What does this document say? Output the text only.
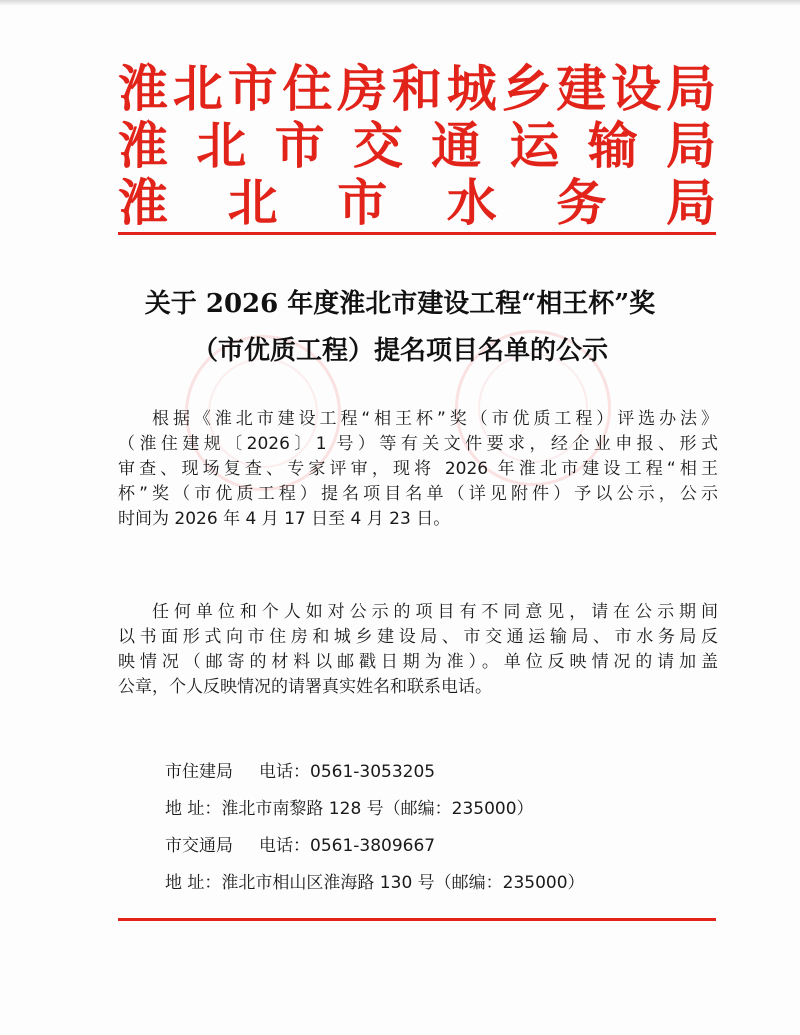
淮 北 市 住 房 和 城 乡 建 设 局
淮 北 市 交 通 运 输 局
淮 北 市 水 务 局
关于 2026 年度淮北市建设工程“相王杯”奖
（市优质工程）提名项目名单的公示
根据《淮北市建设工程“相王杯”奖（市优质工程）评选办法》
（淮住建规〔2026〕1 号）等有关文件要求，经企业申报、形式
审查、现场复查、专家评审，现将 2026 年淮北市建设工程“相王
杯”奖（市优质工程）提名项目名单（详见附件）予以公示，公示
时间为 2026 年 4 月 17 日至 4 月 23 日。
任何单位和个人如对公示的项目有不同意见，请在公示期间
以书面形式向市住房和城乡建设局、市交通运输局、市水务局反
映情况（邮寄的材料以邮戳日期为准）。单位反映情况的请加盖
公章，个人反映情况的请署真实姓名和联系电话。
市住建局 电话：0561-3053205
地 址：淮北市南黎路 128 号（邮编：235000）
市交通局 电话：0561-3809667
地 址：淮北市相山区淮海路 130 号（邮编：235000）
